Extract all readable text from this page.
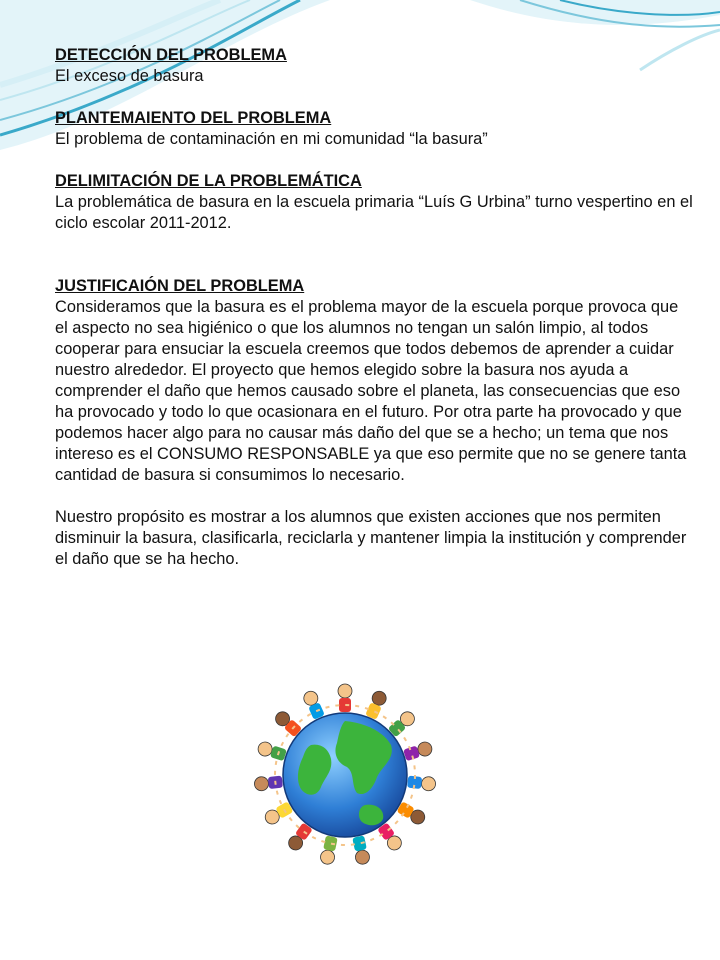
DETECCIÓN DEL PROBLEMA

El exceso de basura

PLANTEMAIENTO DEL PROBLEMA

El problema de contaminación en mi comunidad “la basura”

DELIMITACIÓN DE LA PROBLEMÁTICA

La problemática de basura en la escuela primaria “Luís G Urbina” turno vespertino en el ciclo escolar 2011-2012.

JUSTIFICAIÓN DEL PROBLEMA

Consideramos que la basura es el problema mayor de la escuela porque provoca que el aspecto no sea higiénico o que los alumnos no tengan un salón limpio, al todos cooperar para ensuciar la escuela creemos que todos debemos de aprender a cuidar nuestro alrededor. El proyecto que hemos elegido sobre la basura nos ayuda a comprender el daño que hemos causado sobre el planeta, las consecuencias que eso ha provocado y todo lo que ocasionara en el futuro. Por otra parte ha provocado y que podemos hacer algo para no causar más daño del que se a hecho; un tema que nos intereso es el CONSUMO RESPONSABLE ya que eso permite que no se genere tanta cantidad de basura si consumimos lo necesario.

Nuestro propósito es mostrar a los alumnos que existen acciones que nos permiten disminuir la basura, clasificarla, reciclarla y mantener limpia la institución y comprender el daño que se ha hecho.
